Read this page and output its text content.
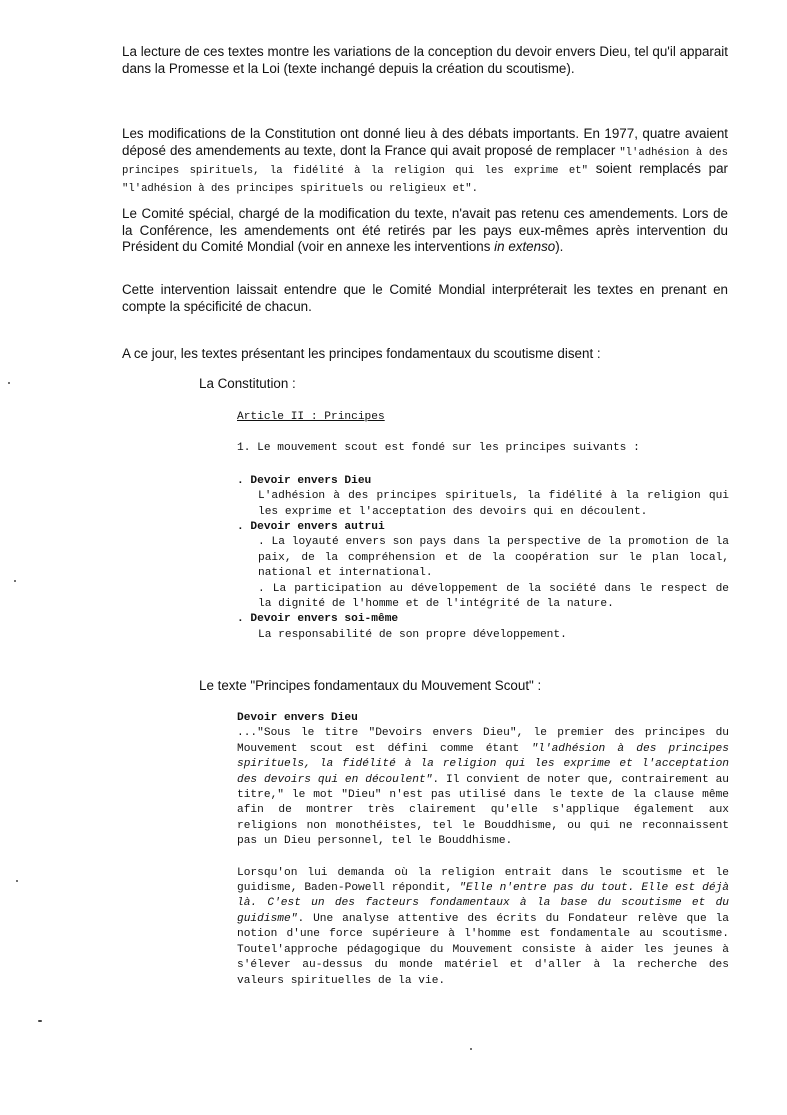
La lecture de ces textes montre les variations de la conception du devoir envers Dieu, tel qu'il apparait dans la Promesse et la Loi (texte inchangé depuis la création du scoutisme).

Les modifications de la Constitution ont donné lieu à des débats importants. En 1977, quatre avaient déposé des amendements au texte, dont la France qui avait proposé de remplacer "l'adhésion à des principes spirituels, la fidélité à la religion qui les exprime et" soient remplacés par "l'adhésion à des principes spirituels ou religieux et".

Le Comité spécial, chargé de la modification du texte, n'avait pas retenu ces amendements. Lors de la Conférence, les amendements ont été retirés par les pays eux-mêmes après intervention du Président du Comité Mondial (voir en annexe les interventions in extenso).

Cette intervention laissait entendre que le Comité Mondial interpréterait les textes en prenant en compte la spécificité de chacun.

A ce jour, les textes présentant les principes fondamentaux du scoutisme disent :

La Constitution :

Article II : Principes
1. Le mouvement scout est fondé sur les principes suivants :
. Devoir envers Dieu
L'adhésion à des principes spirituels, la fidélité à la religion qui les exprime et l'acceptation des devoirs qui en découlent.
. Devoir envers autrui
. La loyauté envers son pays dans la perspective de la promotion de la paix, de la compréhension et de la coopération sur le plan local, national et international.
. La participation au développement de la société dans le respect de la dignité de l'homme et de l'intégrité de la nature.
. Devoir envers soi-même
La responsabilité de son propre développement.

Le texte "Principes fondamentaux du Mouvement Scout" :

Devoir envers Dieu
..."Sous le titre "Devoirs envers Dieu", le premier des principes du Mouvement scout est défini comme étant "l'adhésion à des principes spirituels, la fidélité à la religion qui les exprime et l'acceptation des devoirs qui en découlent". Il convient de noter que, contrairement au titre," le mot "Dieu" n'est pas utilisé dans le texte de la clause même afin de montrer très clairement qu'elle s'applique également aux religions non monothéistes, tel le Bouddhisme, ou qui ne reconnaissent pas un Dieu personnel, tel le Bouddhisme.
Lorsqu'on lui demanda où la religion entrait dans le scoutisme et le guidisme, Baden-Powell répondit, "Elle n'entre pas du tout. Elle est déjà là. C'est un des facteurs fondamentaux à la base du scoutisme et du guidisme". Une analyse attentive des écrits du Fondateur relève que la notion d'une force supérieure à l'homme est fondamentale au scoutisme. Toutel'approche pédagogique du Mouvement consiste à aider les jeunes à s'élever au-dessus du monde matériel et d'aller à la recherche des valeurs spirituelles de la vie.
